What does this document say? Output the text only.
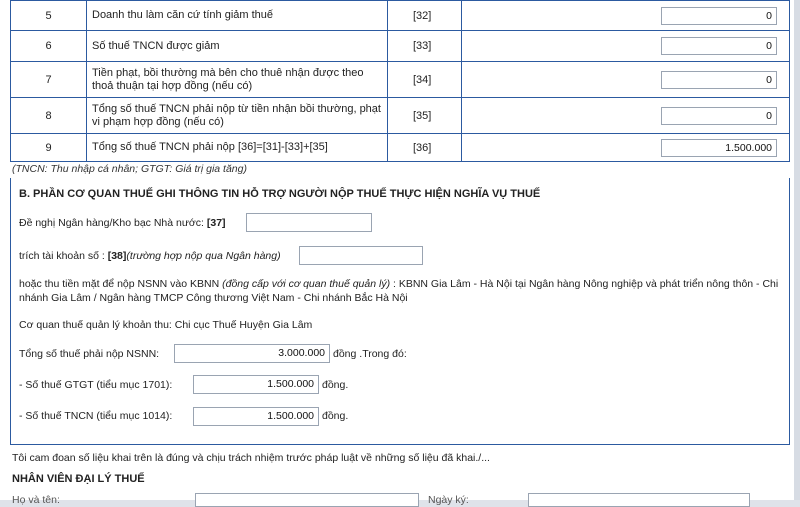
5	Doanh thu làm căn cứ tính giảm thuế	[32]	0

6	Số thuế TNCN được giảm	[33]	0

7	Tiền phạt, bồi thường mà bên cho thuê nhận được theo thoả thuận tại hợp đồng (nếu có)	[34]	0

8	Tổng số thuế TNCN phải nộp từ tiền nhận bồi thường, phạt vi phạm hợp đồng (nếu có)	[35]	0

9	Tổng số thuế TNCN phải nộp [36]=[31]-[33]+[35]	[36]	1.500.000
(TNCN: Thu nhập cá nhân; GTGT: Giá trị gia tăng)
B. PHẦN CƠ QUAN THUẾ GHI THÔNG TIN HỖ TRỢ NGƯỜI NỘP THUẾ THỰC HIỆN NGHĨA VỤ THUẾ
Đề nghị Ngân hàng/Kho bạc Nhà nước: [37]
trích tài khoản số : [38](trường hợp nộp qua Ngân hàng)
hoặc thu tiền mặt để nộp NSNN vào KBNN (đồng cấp với cơ quan thuế quản lý) : KBNN Gia Lâm - Hà Nội tại Ngân hàng Nông nghiệp và phát triển nông thôn - Chi nhánh Gia Lâm / Ngân hàng TMCP Công thương Việt Nam - Chi nhánh Bắc Hà Nội
Cơ quan thuế quản lý khoản thu: Chi cục Thuế Huyện Gia Lâm
Tổng số thuế phải nộp NSNN:	3.000.000 đồng .Trong đó:
- Số thuế GTGT (tiểu mục 1701):	1.500.000 đồng.
- Số thuế TNCN (tiểu mục 1014):	1.500.000 đồng.
Tôi cam đoan số liệu khai trên là đúng và chịu trách nhiệm trước pháp luật về những số liệu đã khai./...
NHÂN VIÊN ĐẠI LÝ THUẾ
Họ và tên:	Ngày ký:
